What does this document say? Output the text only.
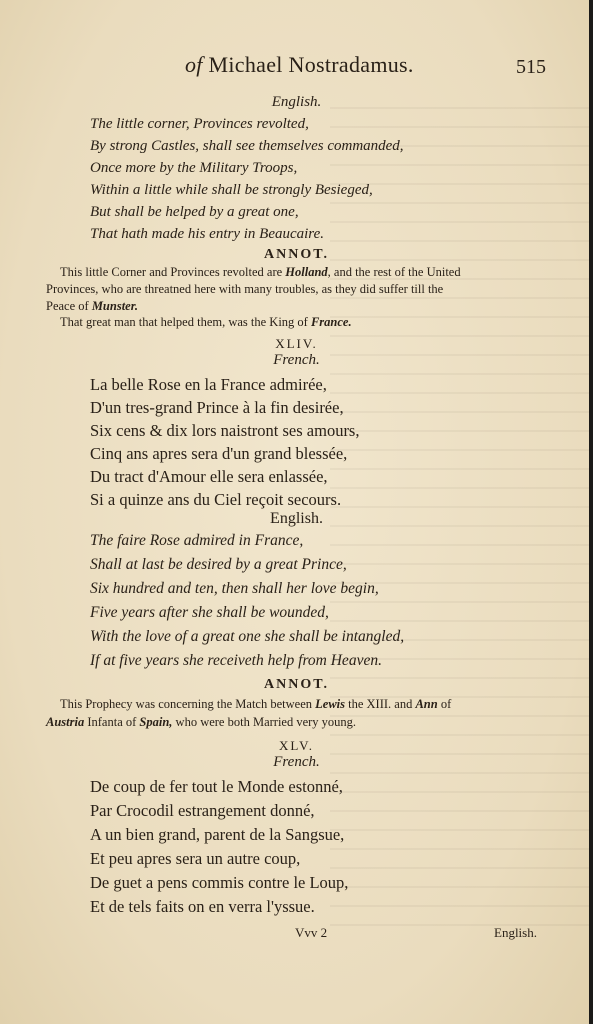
of Michael Nostradamus.	515
English.
The little corner, Provinces revolted,
By strong Castles, shall see themselves commanded,
Once more by the Military Troops,
Within a little while shall be strongly Besieged,
But shall be helped by a great one,
That hath made his entry in Beaucaire.
ANNOT.
This little Corner and Provinces revolted are Holland, and the rest of the United
Provinces, who are threatned here with many troubles, as they did suffer till the
Peace of Munster.
That great man that helped them, was the King of France.
XLIV.
French.
La belle Rose en la France admirée,
D'un tres-grand Prince à la fin desirée,
Six cens & dix lors naistront ses amours,
Cinq ans apres sera d'un grand blessée,
Du tract d'Amour elle sera enlassée,
Si a quinze ans du Ciel reçoit secours.
English.
The faire Rose admired in France,
Shall at last be desired by a great Prince,
Six hundred and ten, then shall her love begin,
Five years after she shall be wounded,
With the love of a great one she shall be intangled,
If at five years she receiveth help from Heaven.
ANNOT.
This Prophecy was concerning the Match between Lewis the XIII. and Ann of
Austria Infanta of Spain, who were both Married very young.
XLV.
French.
De coup de fer tout le Monde estonné,
Par Crocodil estrangement donné,
A un bien grand, parent de la Sangsue,
Et peu apres sera un autre coup,
De guet a pens commis contre le Loup,
Et de tels faits on en verra l'yssue.
Vvv 2	English.
